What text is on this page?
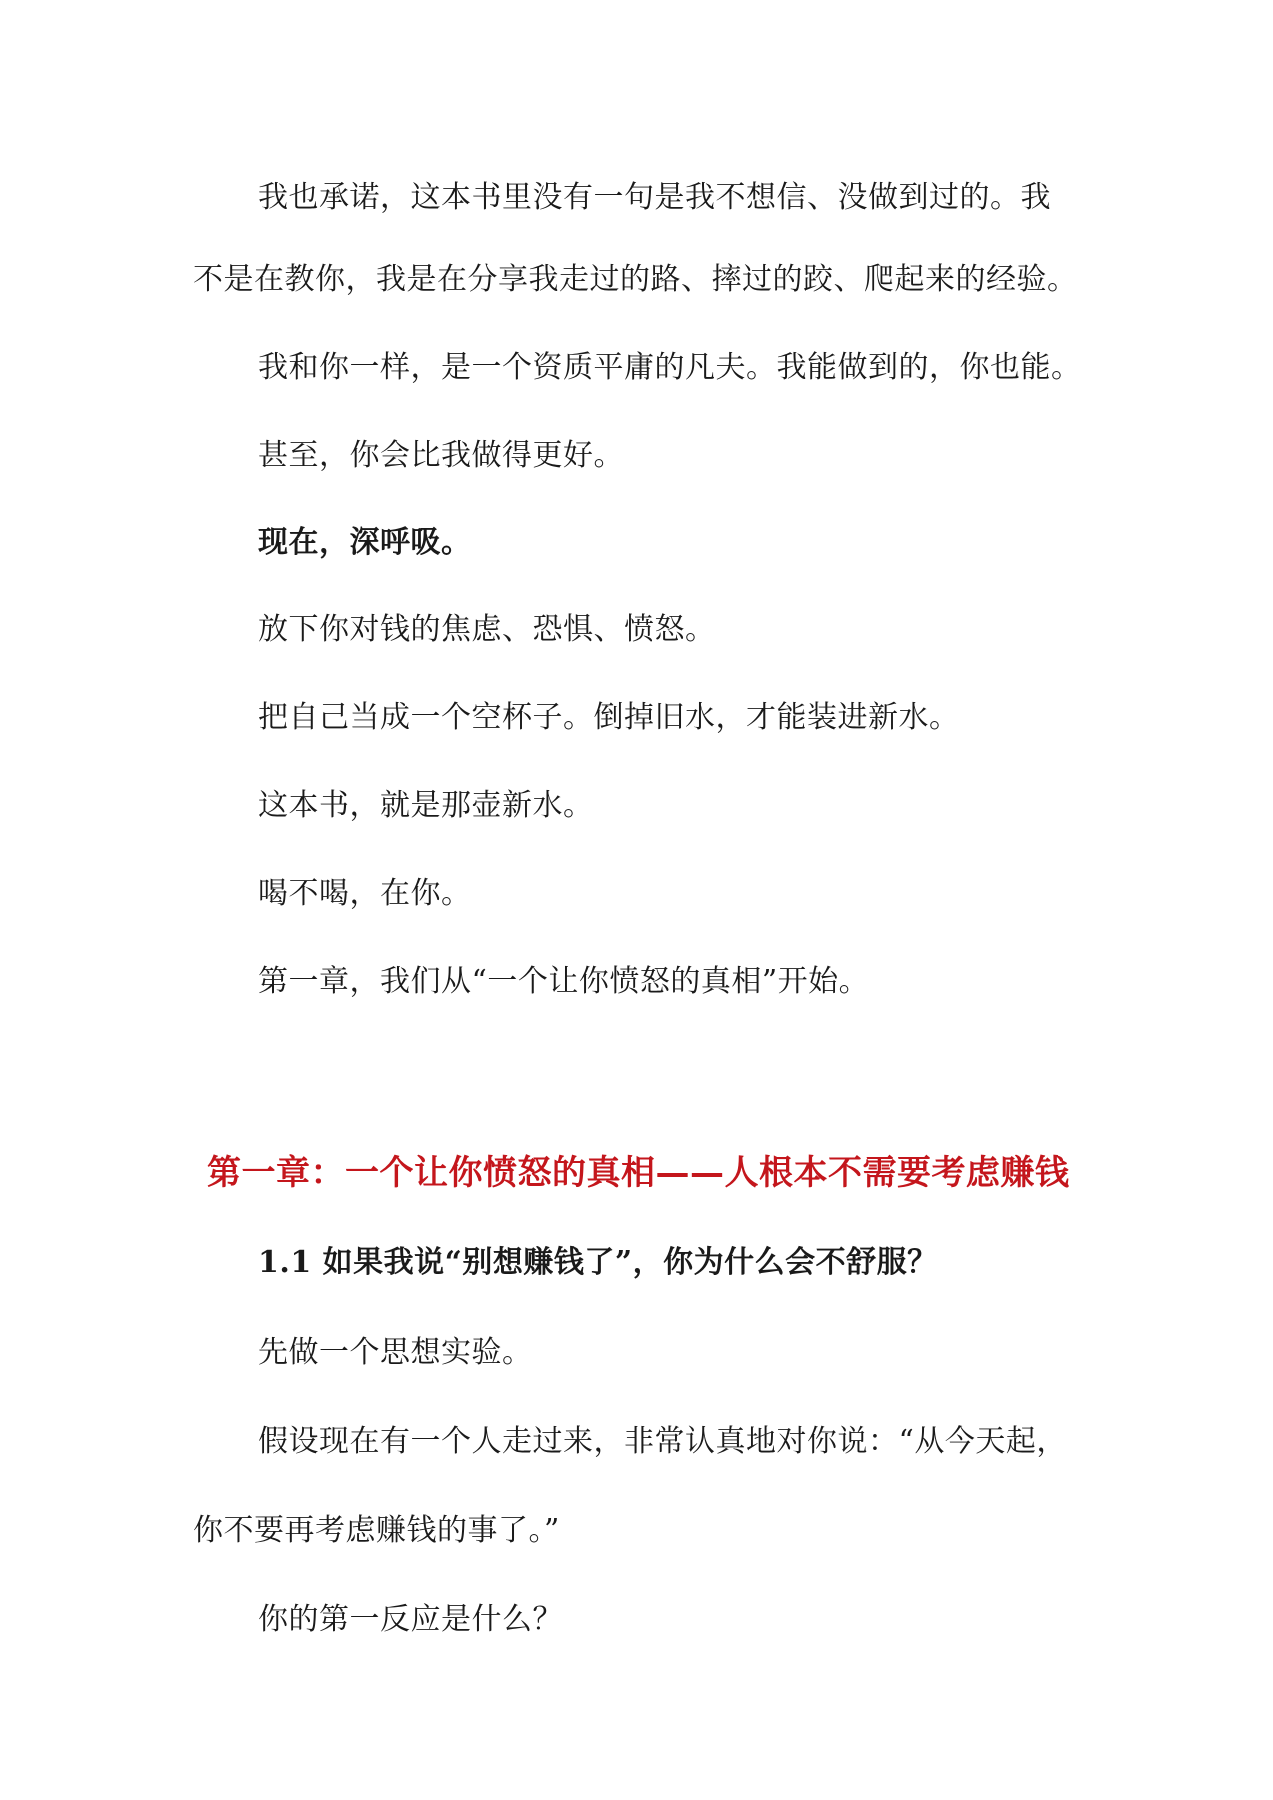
我也承诺，这本书里没有一句是我不想信、没做到过的。我

不是在教你，我是在分享我走过的路、摔过的跤、爬起来的经验。

我和你一样，是一个资质平庸的凡夫。我能做到的，你也能。

甚至，你会比我做得更好。

现在，深呼吸。

放下你对钱的焦虑、恐惧、愤怒。

把自己当成一个空杯子。倒掉旧水，才能装进新水。

这本书，就是那壶新水。

喝不喝，在你。

第一章，我们从“一个让你愤怒的真相”开始。

第一章：一个让你愤怒的真相——人根本不需要考虑赚钱
1.1 如果我说“别想赚钱了”，你为什么会不舒服？

先做一个思想实验。

假设现在有一个人走过来，非常认真地对你说：“从今天起，

你不要再考虑赚钱的事了。”

你的第一反应是什么？
